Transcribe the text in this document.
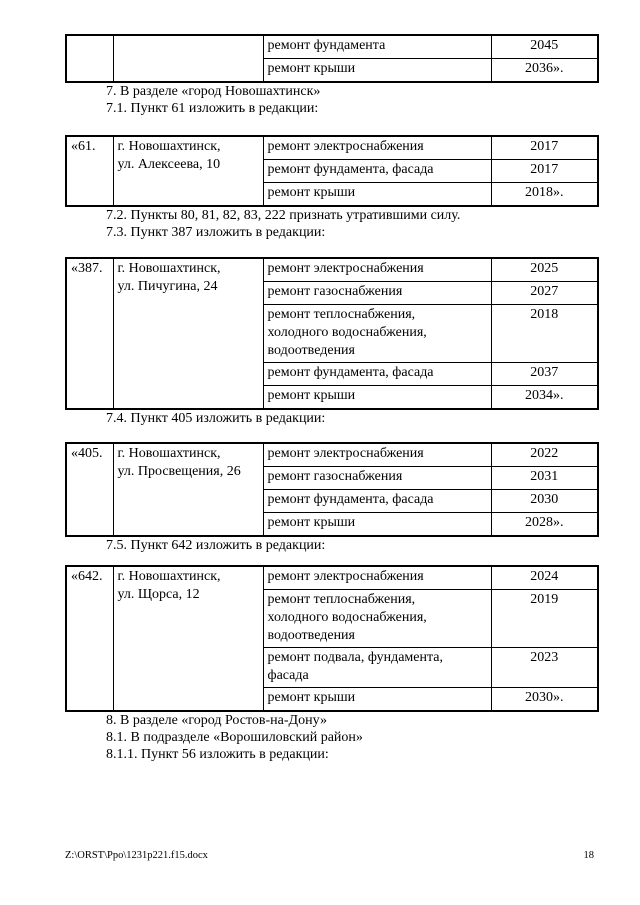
		ремонт фундамента	2045
		ремонт крыши	2036».

7. В разделе «город Новошахтинск»

7.1. Пункт 61 изложить в редакции:

«61.	г. Новошахтинск,
ул. Алексеева, 10	ремонт электроснабжения	2017
		ремонт фундамента, фасада	2017
		ремонт крыши	2018».

7.2. Пункты 80, 81, 82, 83, 222 признать утратившими силу.

7.3. Пункт 387 изложить в редакции:

«387.	г. Новошахтинск,
ул. Пичугина, 24	ремонт электроснабжения	2025
		ремонт газоснабжения	2027
		ремонт теплоснабжения,
холодного водоснабжения,
водоотведения	2018
		ремонт фундамента, фасада	2037
		ремонт крыши	2034».

7.4. Пункт 405 изложить в редакции:

«405.	г. Новошахтинск,
ул. Просвещения, 26	ремонт электроснабжения	2022
		ремонт газоснабжения	2031
		ремонт фундамента, фасада	2030
		ремонт крыши	2028».

7.5. Пункт 642 изложить в редакции:

«642.	г. Новошахтинск,
ул. Щорса, 12	ремонт электроснабжения	2024
		ремонт теплоснабжения,
холодного водоснабжения,
водоотведения	2019
		ремонт подвала, фундамента,
фасада	2023
		ремонт крыши	2030».

8. В разделе «город Ростов-на-Дону»

8.1. В подразделе «Ворошиловский район»

8.1.1. Пункт 56 изложить в редакции:

Z:\ORST\Ppo\1231p221.f15.docx	18
